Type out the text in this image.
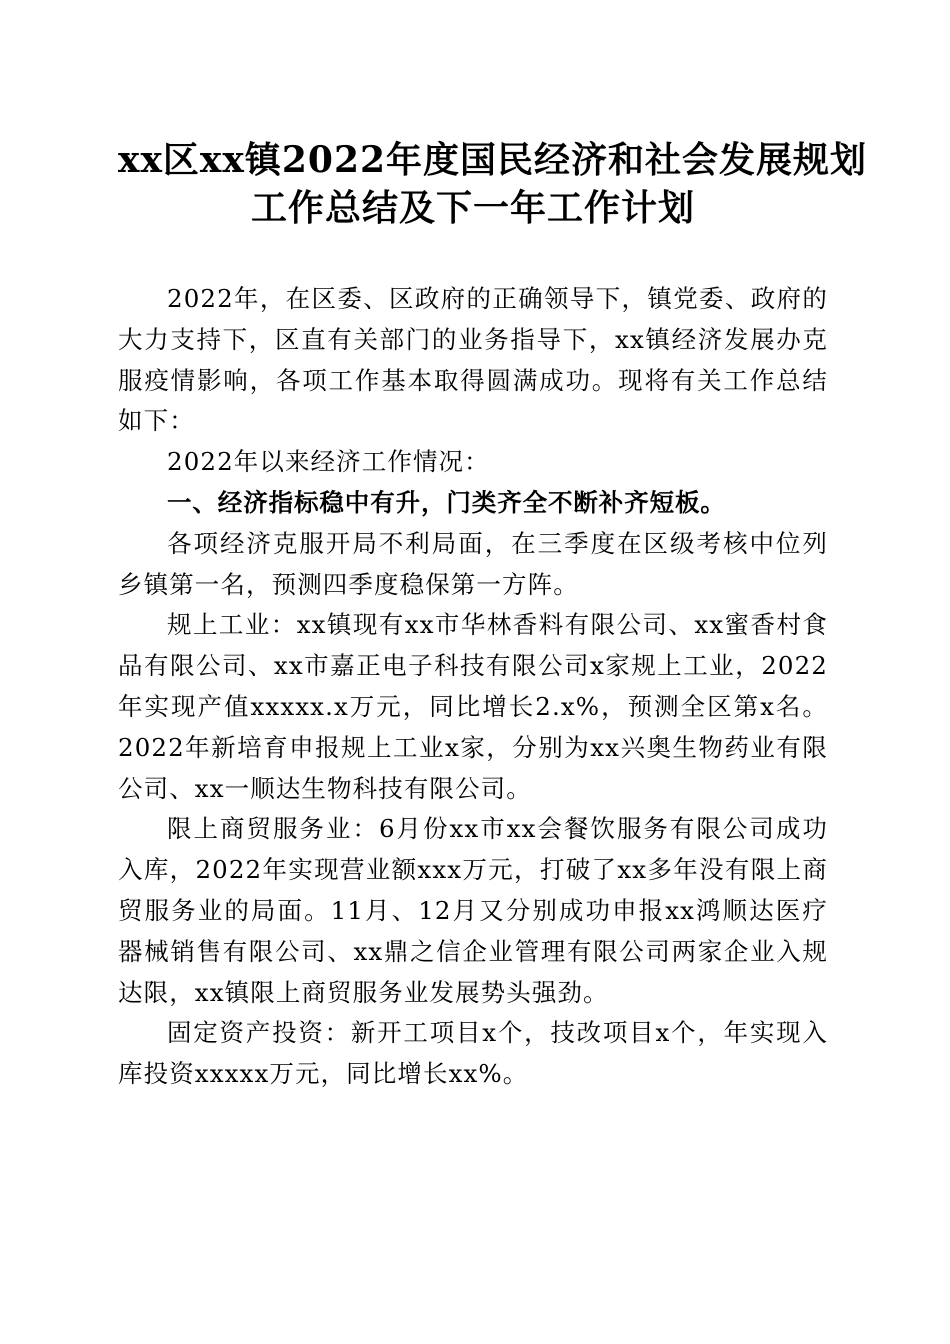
xx区xx镇2022年度国民经济和社会发展规划
工作总结及下一年工作计划

2022年，在区委、区政府的正确领导下，镇党委、政府的大力支持下，区直有关部门的业务指导下，xx镇经济发展办克服疫情影响，各项工作基本取得圆满成功。现将有关工作总结如下：

2022年以来经济工作情况：

一、经济指标稳中有升，门类齐全不断补齐短板。

各项经济克服开局不利局面，在三季度在区级考核中位列乡镇第一名，预测四季度稳保第一方阵。

规上工业：xx镇现有xx市华林香料有限公司、xx蜜香村食品有限公司、xx市嘉正电子科技有限公司x家规上工业，2022年实现产值xxxxx.x万元，同比增长2.x%，预测全区第x名。2022年新培育申报规上工业x家，分别为xx兴奥生物药业有限公司、xx一顺达生物科技有限公司。

限上商贸服务业：6月份xx市xx会餐饮服务有限公司成功入库，2022年实现营业额xxx万元，打破了xx多年没有限上商贸服务业的局面。11月、12月又分别成功申报xx鸿顺达医疗器械销售有限公司、xx鼎之信企业管理有限公司两家企业入规达限，xx镇限上商贸服务业发展势头强劲。

固定资产投资：新开工项目x个，技改项目x个，年实现入库投资xxxxx万元，同比增长xx%。
